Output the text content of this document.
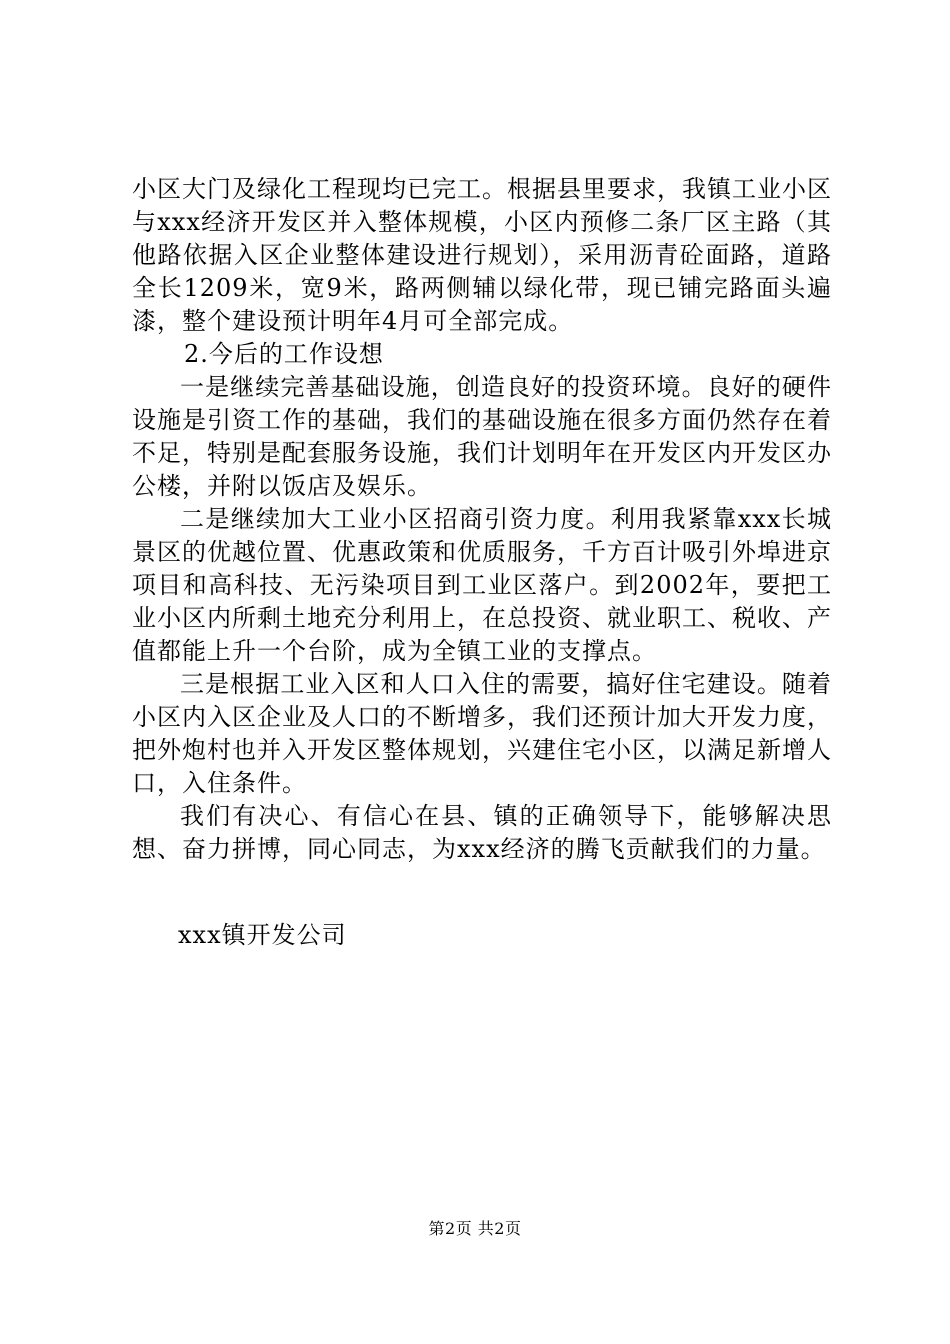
小区大门及绿化工程现均已完工。根据县里要求，我镇工业小区与xxx经济开发区并入整体规模，小区内预修二条厂区主路（其他路依据入区企业整体建设进行规划），采用沥青砼面路，道路全长1209米，宽9米，路两侧辅以绿化带，现已铺完路面头遍漆，整个建设预计明年4月可全部完成。

2.今后的工作设想

一是继续完善基础设施，创造良好的投资环境。良好的硬件设施是引资工作的基础，我们的基础设施在很多方面仍然存在着不足，特别是配套服务设施，我们计划明年在开发区内开发区办公楼，并附以饭店及娱乐。

二是继续加大工业小区招商引资力度。利用我紧靠xxx长城景区的优越位置、优惠政策和优质服务，千方百计吸引外埠进京项目和高科技、无污染项目到工业区落户。到2002年，要把工业小区内所剩土地充分利用上，在总投资、就业职工、税收、产值都能上升一个台阶，成为全镇工业的支撑点。

三是根据工业入区和人口入住的需要，搞好住宅建设。随着小区内入区企业及人口的不断增多，我们还预计加大开发力度，把外炮村也并入开发区整体规划，兴建住宅小区，以满足新增人口，入住条件。

我们有决心、有信心在县、镇的正确领导下，能够解决思想、奋力拼博，同心同志，为xxx经济的腾飞贡献我们的力量。

xxx镇开发公司

第2页 共2页
